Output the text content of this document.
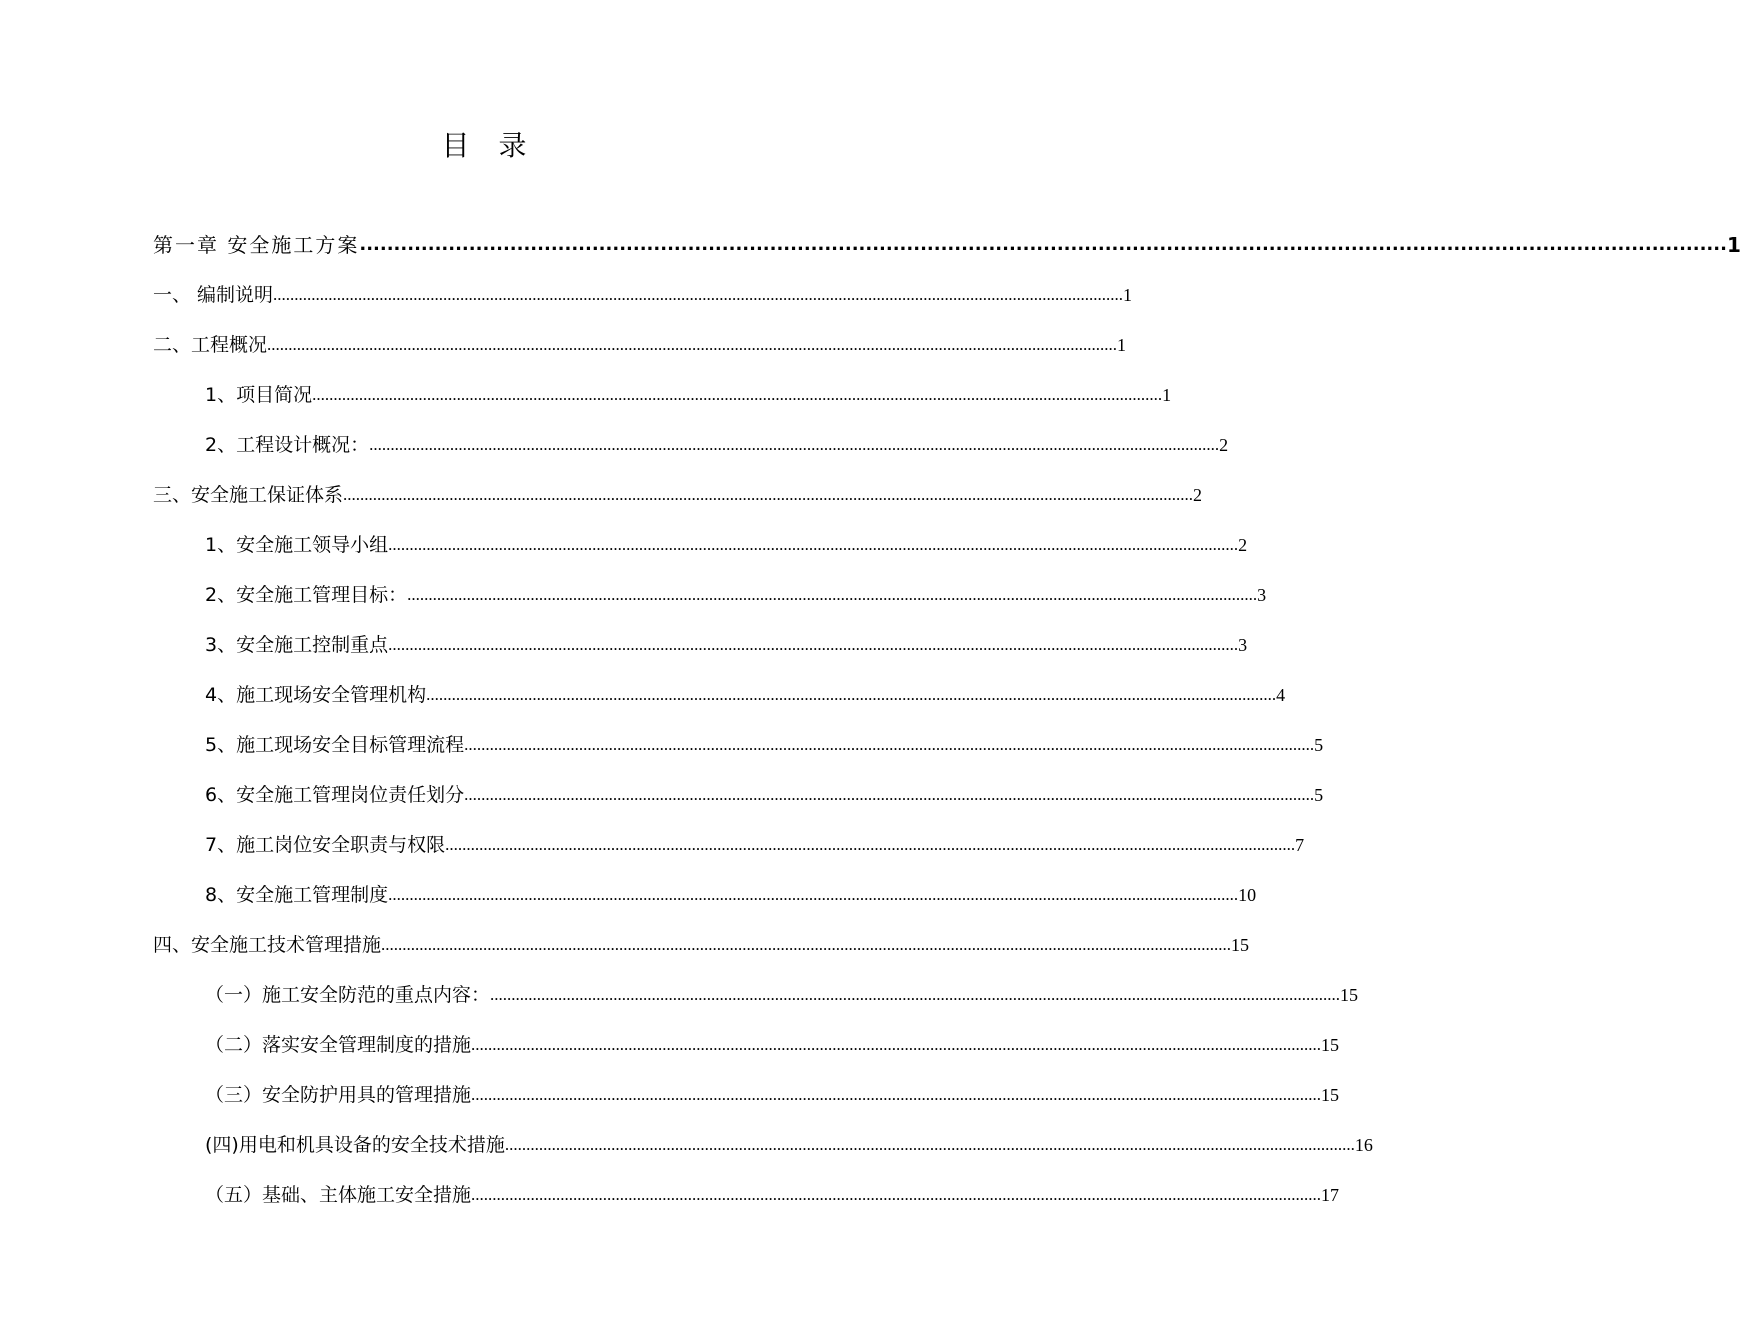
目 录
第一章 安全施工方案 ........................................................................................................................................................................................................ 1
一、 编制说明 ........................................................................................................................................................................................................ 1
二、工程概况 ........................................................................................................................................................................................................ 1
1、项目简况 ........................................................................................................................................................................................................ 1
2、工程设计概况： ........................................................................................................................................................................................................ 2
三、安全施工保证体系 ........................................................................................................................................................................................................ 2
1、安全施工领导小组 ........................................................................................................................................................................................................ 2
2、安全施工管理目标： ........................................................................................................................................................................................................ 3
3、安全施工控制重点 ........................................................................................................................................................................................................ 3
4、施工现场安全管理机构 ........................................................................................................................................................................................................ 4
5、施工现场安全目标管理流程 ........................................................................................................................................................................................................ 5
6、安全施工管理岗位责任划分 ........................................................................................................................................................................................................ 5
7、施工岗位安全职责与权限 ........................................................................................................................................................................................................ 7
8、安全施工管理制度 ........................................................................................................................................................................................................ 10
四、安全施工技术管理措施 ........................................................................................................................................................................................................ 15
（一）施工安全防范的重点内容： ........................................................................................................................................................................................................ 15
（二）落实安全管理制度的措施 ........................................................................................................................................................................................................ 15
（三）安全防护用具的管理措施 ........................................................................................................................................................................................................ 15
(四)用电和机具设备的安全技术措施 ........................................................................................................................................................................................................ 16
（五）基础、主体施工安全措施 ........................................................................................................................................................................................................ 17
